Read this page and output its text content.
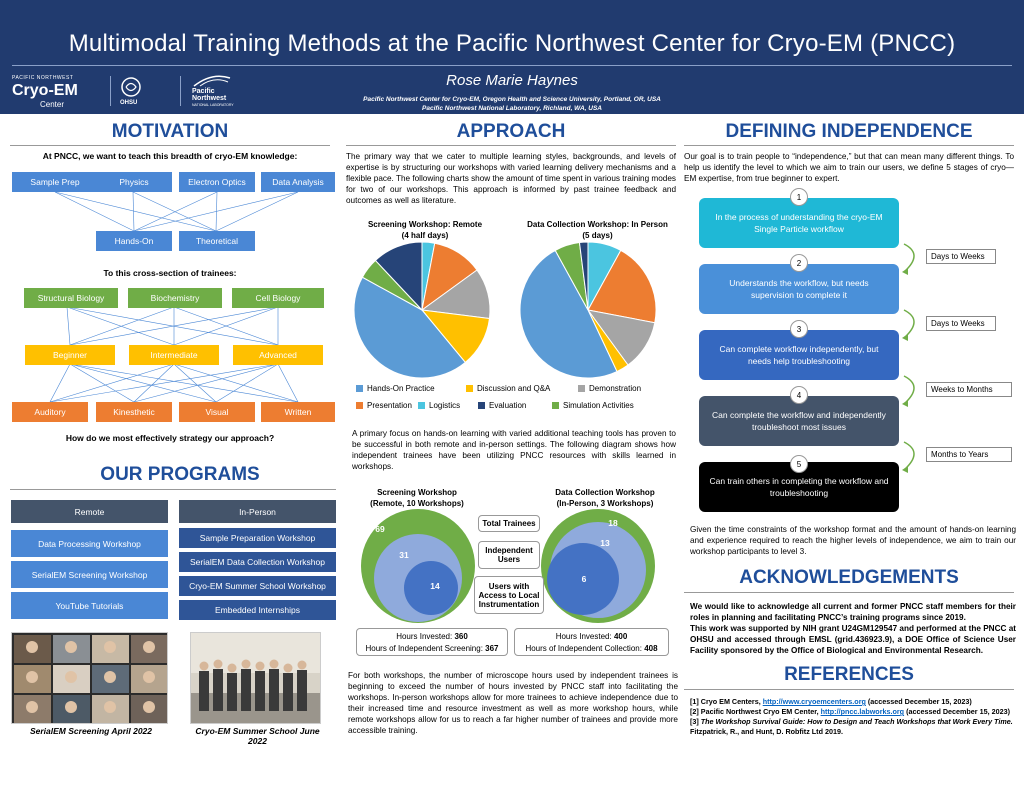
Multimodal Training Methods at the Pacific Northwest Center for Cryo-EM (PNCC)
PACIFIC NORTHWEST
Cryo-EM
Center	OHSU
Pacific
Northwest
NATIONAL LABORATORY
Rose Marie Haynes
Pacific Northwest Center for Cryo-EM, Oregon Health and Science University, Portland, OR, USA
Pacific Northwest National Laboratory, Richland, WA, USA
MOTIVATION
At PNCC, we want to teach this breadth of cryo-EM knowledge:
Sample Prep	Physics	Electron Optics	Data Analysis
Hands-On	Theoretical
To this cross-section of trainees:
Structural Biology	Biochemistry	Cell Biology
Beginner	Intermediate	Advanced
Auditory	Kinesthetic	Visual	Written
How do we most effectively strategy our approach?
OUR PROGRAMS
Remote	In-Person
Data Processing Workshop
SerialEM Screening Workshop
YouTube Tutorials
Sample Preparation Workshop
SerialEM Data Collection Workshop
Cryo-EM Summer School Workshop
Embedded Internships
SerialEM Screening April 2022	Cryo-EM Summer School June 2022
APPROACH
The primary way that we cater to multiple learning styles, backgrounds, and levels of expertise is by structuring our workshops with varied learning delivery mechanisms and a flexible pace. The following charts show the amount of time spent in various training modes for two of our workshops. This approach is informed by past trainee feedback and outcomes as well as literature.
Screening Workshop: Remote
(4 half days)
Data Collection Workshop: In Person
(5 days)
Hands-On Practice	Discussion and Q&A	Demonstration
Presentation Logistics	Evaluation	Simulation Activities
A primary focus on hands-on learning with varied additional teaching tools has proven to be successful in both remote and in-person settings. The following diagram shows how independent trainees have been utilizing PNCC resources with skills learned in workshops.
Screening Workshop
(Remote, 10 Workshops)
Data Collection Workshop
(In-Person, 3 Workshops)
69
31
14
18
13
6
Total Trainees
Independent Users
Users with Access to Local Instrumentation
Hours Invested: 360
Hours of Independent Screening: 367
Hours Invested: 400
Hours of Independent Collection: 408
For both workshops, the number of microscope hours used by independent trainees is beginning to exceed the number of hours invested by PNCC staff into facilitating the workshops. In-person workshops allow for more trainees to achieve independence due to their increased time and resource investment as well as more workshop hours, while remote workshops allow for us to reach a far higher number of trainees and provide more accessible training.
DEFINING INDEPENDENCE
Our goal is to train people to “independence,” but that can mean many different things. To help us identify the level to which we aim to train our users, we define 5 stages of cryo—EM expertise, from true beginner to expert.
In the process of understanding the cryo-EM Single Particle workflow
1
Understands the workflow, but needs supervision to complete it
2
Can complete workflow independently, but needs help troubleshooting
3
Can complete the workflow and independently troubleshoot most issues
4
Can train others in completing the workflow and troubleshooting
5
Days to Weeks
Days to Weeks
Weeks to Months
Months to Years
Given the time constraints of the workshop format and the amount of hands-on learning and experience required to reach the higher levels of independence, we aim to train our workshop participants to level 3.
ACKNOWLEDGEMENTS
We would like to acknowledge all current and former PNCC staff members for their roles in planning and facilitating PNCC’s training programs since 2019.
This work was supported by NIH grant U24GM129547 and performed at the PNCC at OHSU and accessed through EMSL (grid.436923.9), a DOE Office of Science User Facility sponsored by the Office of Biological and Environmental Research.
REFERENCES
[1] Cryo EM Centers, http://www.cryoemcenters.org (accessed December 15, 2023)
[2] Pacific Northwest Cryo EM Center, http://pncc.labworks.org (accessed December 15, 2023)
[3] The Workshop Survival Guide: How to Design and Teach Workshops that Work Every Time.
Fitzpatrick, R., and Hunt, D. Robfitz Ltd 2019.
